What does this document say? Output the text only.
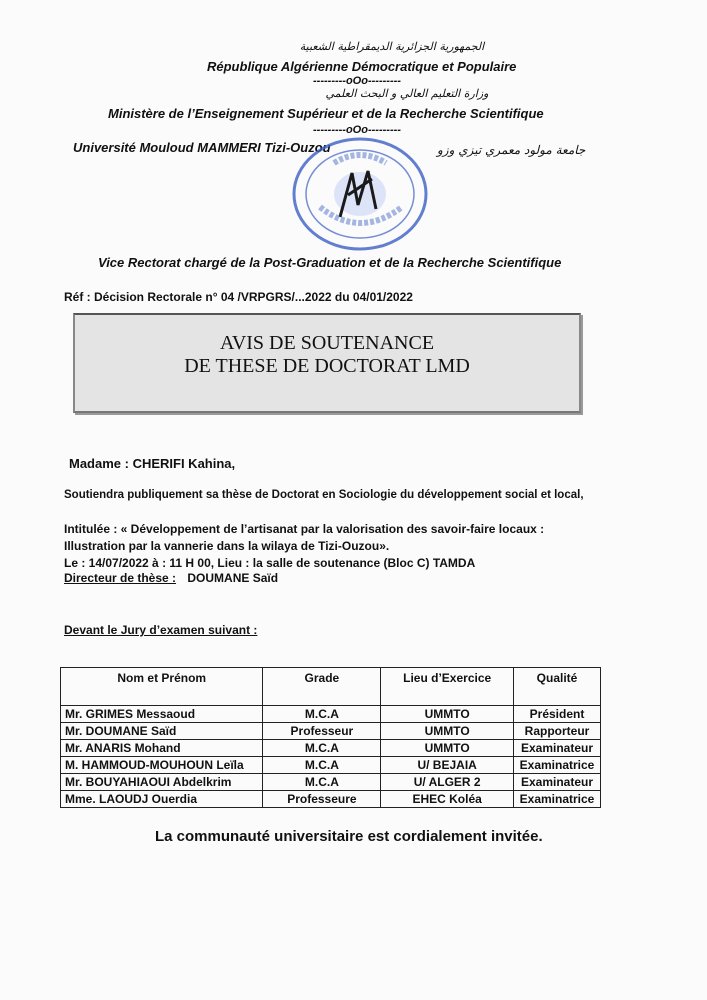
الجمهورية الجزائرية الديمقراطية الشعبية
République Algérienne Démocratique et Populaire
---------oOo---------
وزارة التعليم العالي و البحث العلمي
Ministère de l’Enseignement Supérieur et de la Recherche Scientifique
---------oOo---------
Université Mouloud MAMMERI Tizi-Ouzou	جامعة مولود معمري تيزي وزو
Vice Rectorat chargé de la Post-Graduation et de la Recherche Scientifique
Réf : Décision Rectorale n° 04 /VRPGRS/...2022 du 04/01/2022
AVIS DE SOUTENANCE
DE THESE DE DOCTORAT LMD
Madame : CHERIFI Kahina,
Soutiendra publiquement sa thèse de Doctorat en Sociologie du développement social et local,
Intitulée : « Développement de l’artisanat par la valorisation des savoir-faire locaux :
Illustration par la vannerie dans la wilaya de Tizi-Ouzou».
Le : 14/07/2022 à : 11 H 00, Lieu : la salle de soutenance (Bloc C) TAMDA
Directeur de thèse : DOUMANE Saïd
Devant le Jury d’examen suivant :
Nom et Prénom	Grade	Lieu d’Exercice	Qualité
Mr. GRIMES Messaoud	M.C.A	UMMTO	Président
Mr. DOUMANE Saïd	Professeur	UMMTO	Rapporteur
Mr. ANARIS Mohand	M.C.A	UMMTO	Examinateur
M. HAMMOUD-MOUHOUN Leïla	M.C.A	U/ BEJAIA	Examinatrice
Mr. BOUYAHIAOUI Abdelkrim	M.C.A	U/ ALGER 2	Examinateur
Mme. LAOUDJ Ouerdia	Professeure	EHEC Koléa	Examinatrice
La communauté universitaire est cordialement invitée.
